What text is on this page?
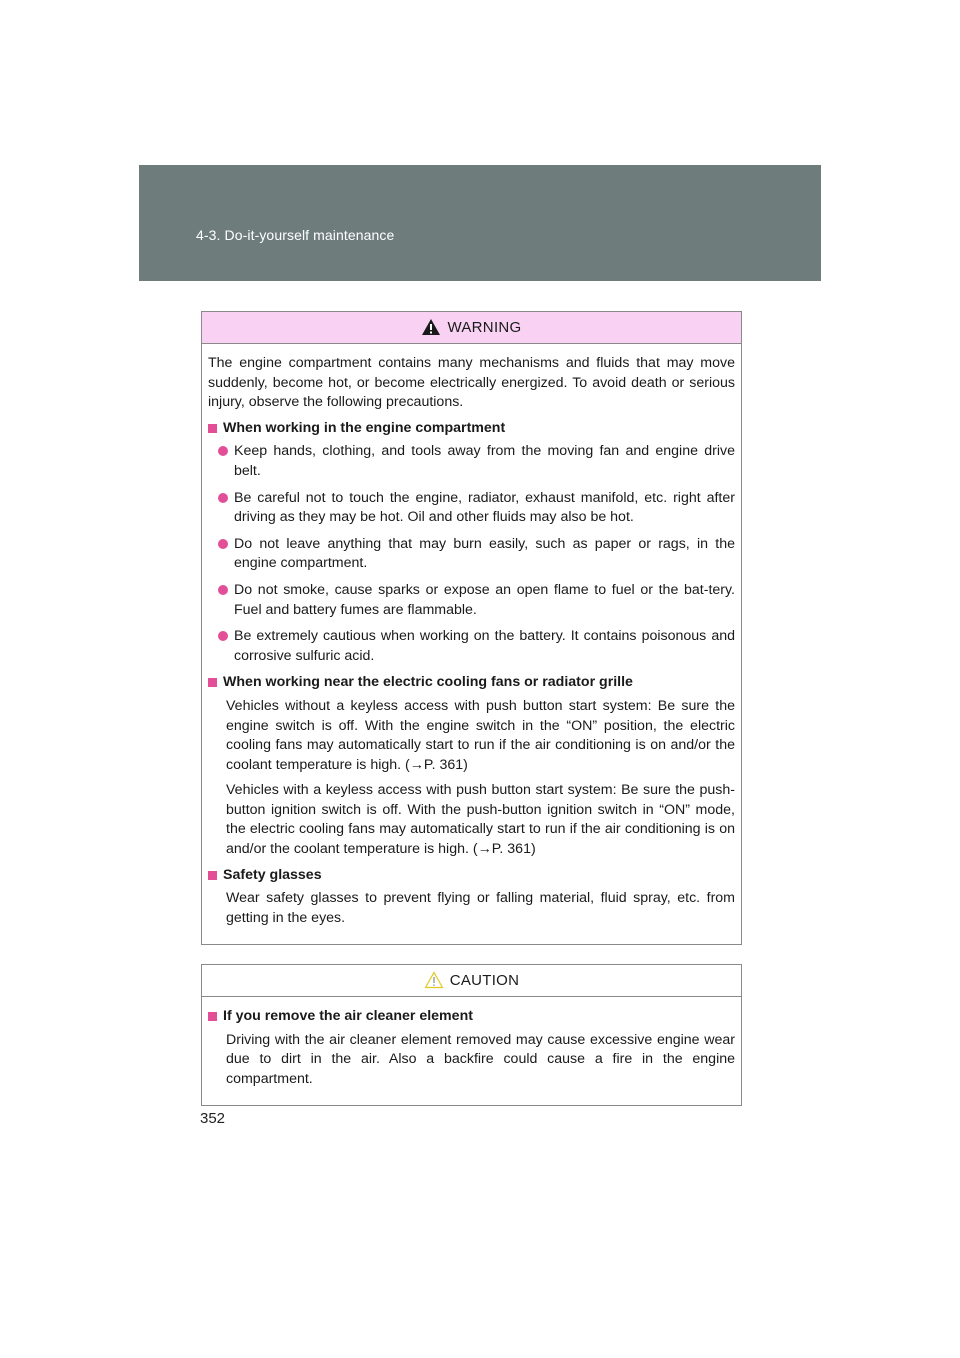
4-3. Do-it-yourself maintenance
WARNING

The engine compartment contains many mechanisms and fluids that may move suddenly, become hot, or become electrically energized. To avoid death or serious injury, observe the following precautions.

When working in the engine compartment
Keep hands, clothing, and tools away from the moving fan and engine drive belt.
Be careful not to touch the engine, radiator, exhaust manifold, etc. right after driving as they may be hot. Oil and other fluids may also be hot.
Do not leave anything that may burn easily, such as paper or rags, in the engine compartment.
Do not smoke, cause sparks or expose an open flame to fuel or the bat-tery. Fuel and battery fumes are flammable.
Be extremely cautious when working on the battery. It contains poisonous and corrosive sulfuric acid.
When working near the electric cooling fans or radiator grille

Vehicles without a keyless access with push button start system: Be sure the engine switch is off. With the engine switch in the “ON” position, the electric cooling fans may automatically start to run if the air conditioning is on and/or the coolant temperature is high. (→P. 361)

Vehicles with a keyless access with push button start system: Be sure the push-button ignition switch is off. With the push-button ignition switch in “ON” mode, the electric cooling fans may automatically start to run if the air conditioning is on and/or the coolant temperature is high. (→P. 361)

Safety glasses

Wear safety glasses to prevent flying or falling material, fluid spray, etc. from getting in the eyes.

CAUTION
If you remove the air cleaner element

Driving with the air cleaner element removed may cause excessive engine wear due to dirt in the air. Also a backfire could cause a fire in the engine compartment.

352
